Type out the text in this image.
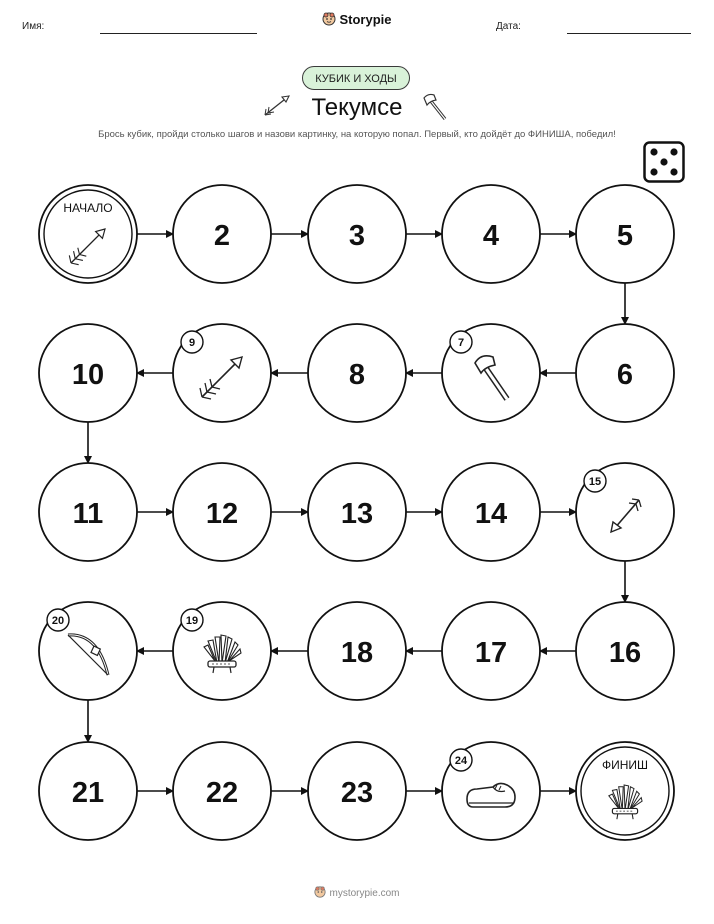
Имя:	Storypie	Дата:
КУБИК И ХОДЫ
Текумсе
Брось кубик, пройди столько шагов и назови картинку, на которую попал. Первый, кто дойдёт до ФИНИША, победил!
НАЧАЛО
2	3	4	5
10
9
8
7
6
11	12	13	14
15
20	19
18	17	16
21	22	23
24	ФИНИШ
mystorypie.com
